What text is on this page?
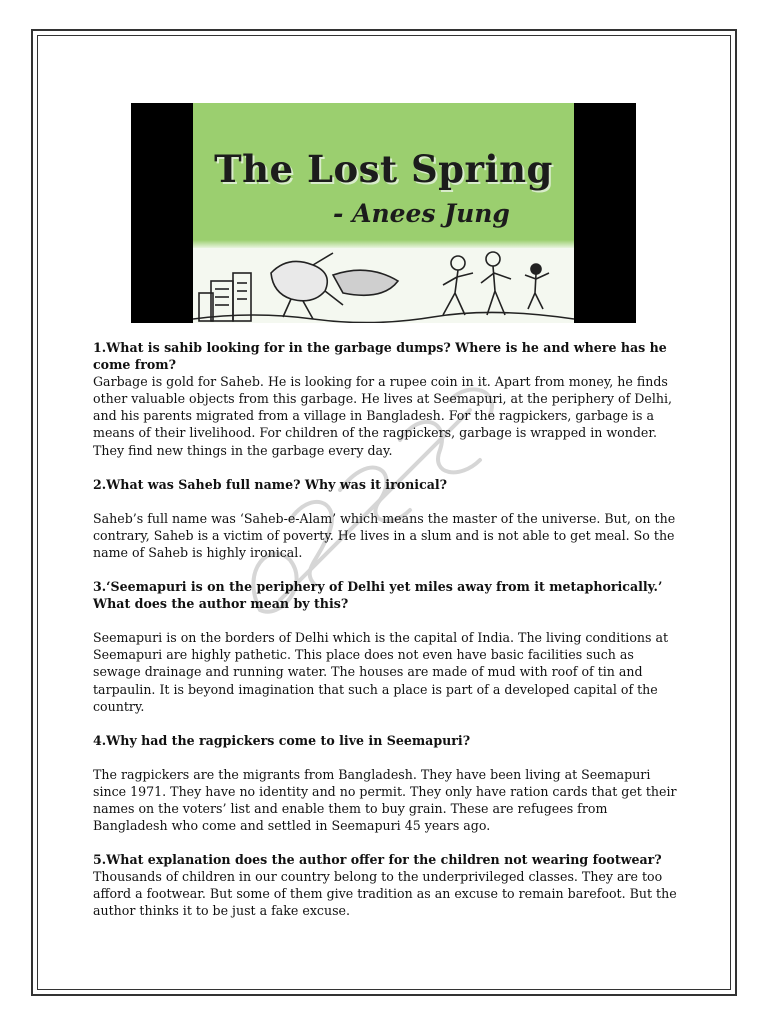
The Lost Spring
- Anees Jung

1.What is sahib looking for in the garbage dumps? Where is he and where has he come from?

Garbage is gold for Saheb. He is looking for a rupee coin in it. Apart from money, he finds other valuable objects from this garbage. He lives at Seemapuri, at the periphery of Delhi, and his parents migrated from a village in Bangladesh. For the ragpickers, garbage is a means of their livelihood. For children of the ragpickers, garbage is wrapped in wonder. They find new things in the garbage every day.

2.What was Saheb full name? Why was it ironical?

Saheb’s full name was ‘Saheb-e-Alam’ which means the master of the universe. But, on the contrary, Saheb is a victim of poverty. He lives in a slum and is not able to get meal. So the name of Saheb is highly ironical.

3.‘Seemapuri is on the periphery of Delhi yet miles away from it metaphorically.’ What does the author mean by this?

Seemapuri is on the borders of Delhi which is the capital of India. The living conditions at Seemapuri are highly pathetic. This place does not even have basic facilities such as sewage drainage and running water. The houses are made of mud with roof of tin and tarpaulin. It is beyond imagination that such a place is part of a developed capital of the country.

4.Why had the ragpickers come to live in Seemapuri?

The ragpickers are the migrants from Bangladesh. They have been living at Seemapuri since 1971. They have no identity and no permit. They only have ration cards that get their names on the voters’ list and enable them to buy grain. These are refugees from Bangladesh who come and settled in Seemapuri 45 years ago.

5.What explanation does the author offer for the children not wearing footwear?

Thousands of children in our country belong to the underprivileged classes. They are too afford a footwear. But some of them give tradition as an excuse to remain barefoot. But the author thinks it to be just a fake excuse.
